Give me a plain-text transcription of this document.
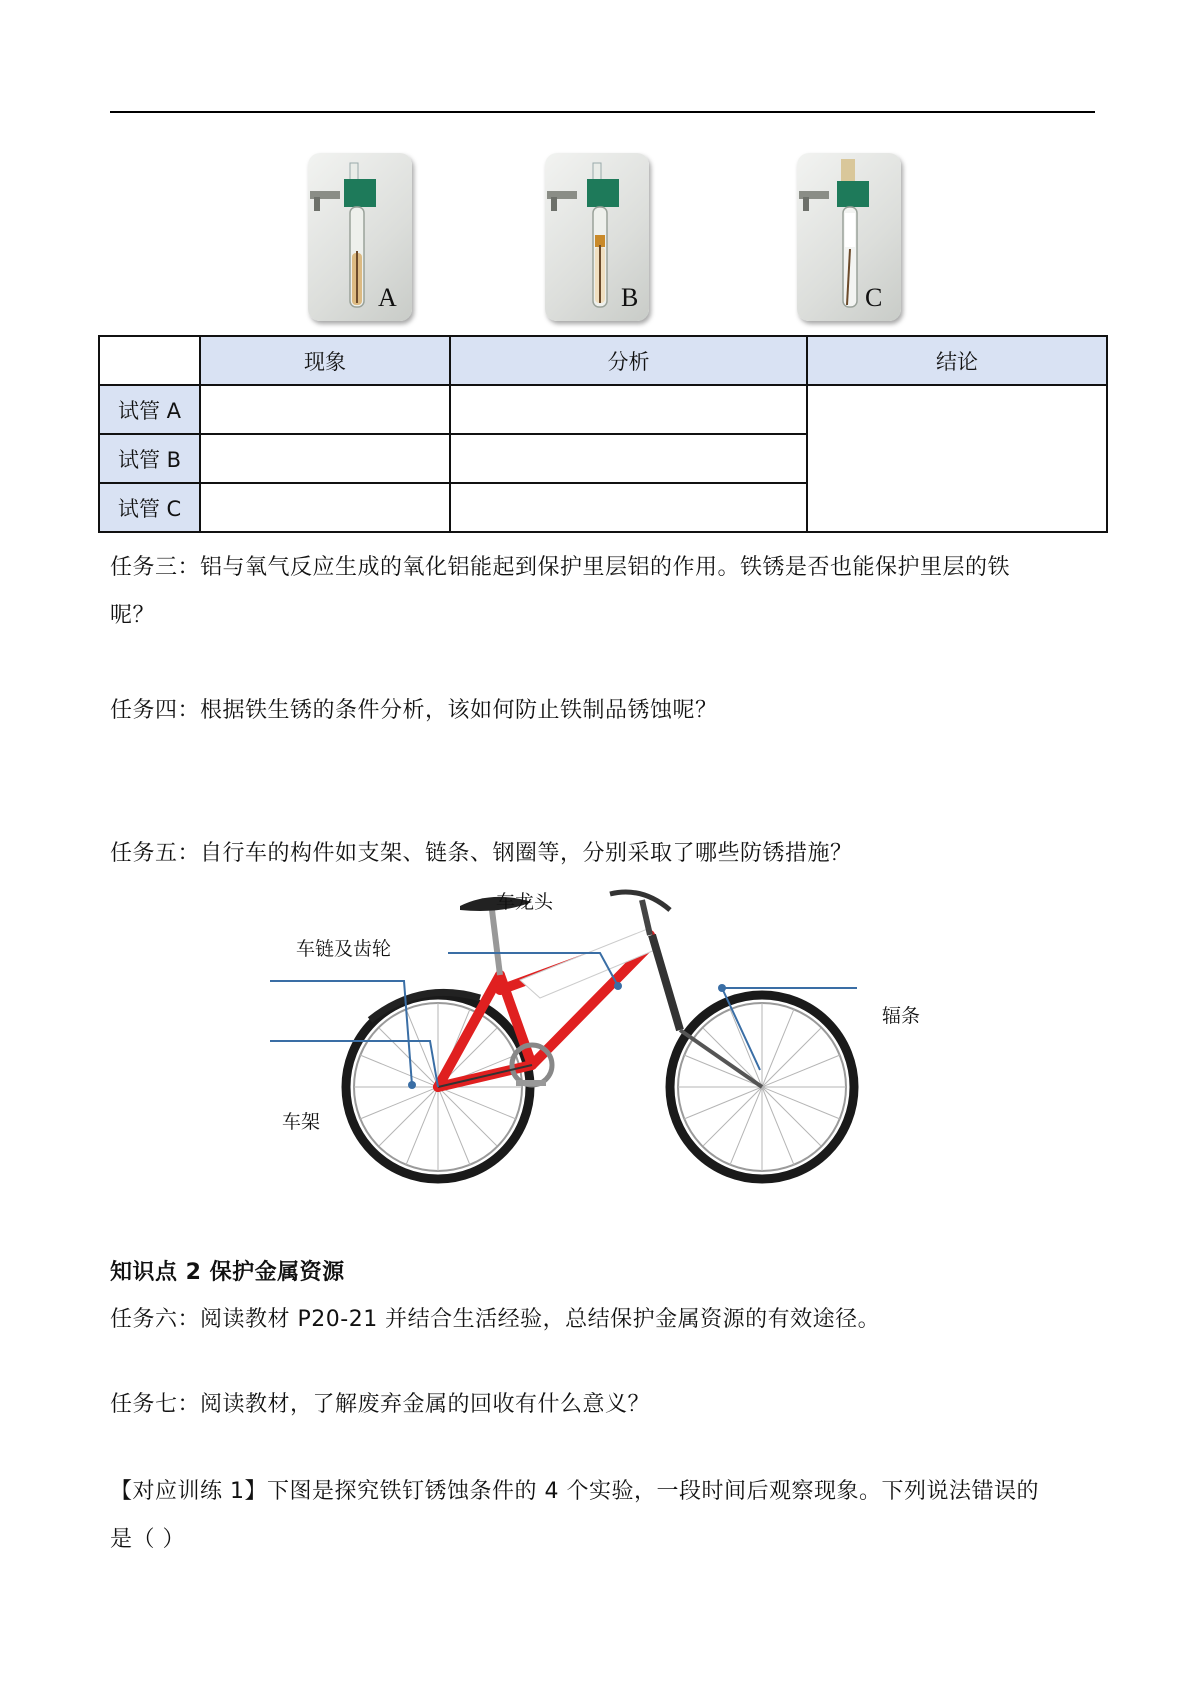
A	B	C
	现象	分析	结论
试管 A			
试管 B			
试管 C			
任务三：铝与氧气反应生成的氧化铝能起到保护里层铝的作用。铁锈是否也能保护里层的铁
呢？
任务四：根据铁生锈的条件分析，该如何防止铁制品锈蚀呢？
任务五：自行车的构件如支架、链条、钢圈等，分别采取了哪些防锈措施？
车龙头
车链及齿轮
辐条
车架
知识点 2 保护金属资源
任务六：阅读教材 P20-21 并结合生活经验，总结保护金属资源的有效途径。
任务七：阅读教材，了解废弃金属的回收有什么意义？
【对应训练 1】下图是探究铁钉锈蚀条件的 4 个实验，一段时间后观察现象。下列说法错误的
是（ ）
